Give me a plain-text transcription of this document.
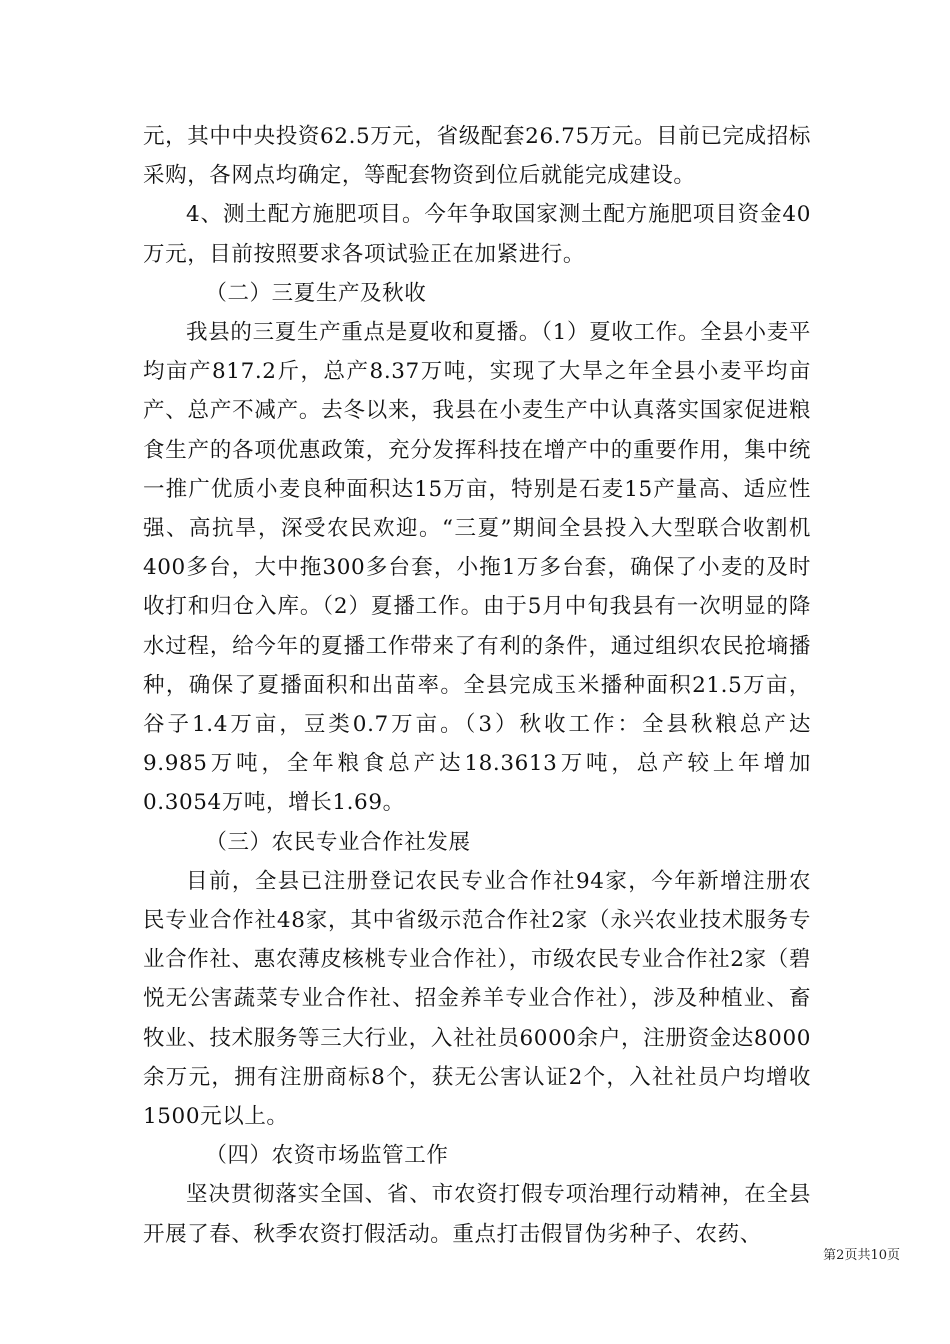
元，其中中央投资62.5万元，省级配套26.75万元。目前已完成招标采购，各网点均确定，等配套物资到位后就能完成建设。

4、测土配方施肥项目。今年争取国家测土配方施肥项目资金40万元，目前按照要求各项试验正在加紧进行。

（二）三夏生产及秋收

我县的三夏生产重点是夏收和夏播。（1）夏收工作。全县小麦平均亩产817.2斤，总产8.37万吨，实现了大旱之年全县小麦平均亩产、总产不减产。去冬以来，我县在小麦生产中认真落实国家促进粮食生产的各项优惠政策，充分发挥科技在增产中的重要作用，集中统一推广优质小麦良种面积达15万亩，特别是石麦15产量高、适应性强、高抗旱，深受农民欢迎。“三夏”期间全县投入大型联合收割机400多台，大中拖300多台套，小拖1万多台套，确保了小麦的及时收打和归仓入库。（2）夏播工作。由于5月中旬我县有一次明显的降水过程，给今年的夏播工作带来了有利的条件，通过组织农民抢墒播种，确保了夏播面积和出苗率。全县完成玉米播种面积21.5万亩，谷子1.4万亩，豆类0.7万亩。（3）秋收工作：全县秋粮总产达9.985万吨，全年粮食总产达18.3613万吨，总产较上年增加0.3054万吨，增长1.69。

（三）农民专业合作社发展

目前，全县已注册登记农民专业合作社94家，今年新增注册农民专业合作社48家，其中省级示范合作社2家（永兴农业技术服务专业合作社、惠农薄皮核桃专业合作社），市级农民专业合作社2家（碧悦无公害蔬菜专业合作社、招金养羊专业合作社），涉及种植业、畜牧业、技术服务等三大行业，入社社员6000余户，注册资金达8000余万元，拥有注册商标8个，获无公害认证2个，入社社员户均增收1500元以上。

（四）农资市场监管工作

坚决贯彻落实全国、省、市农资打假专项治理行动精神，在全县开展了春、秋季农资打假活动。重点打击假冒伪劣种子、农药、

第2页共10页
